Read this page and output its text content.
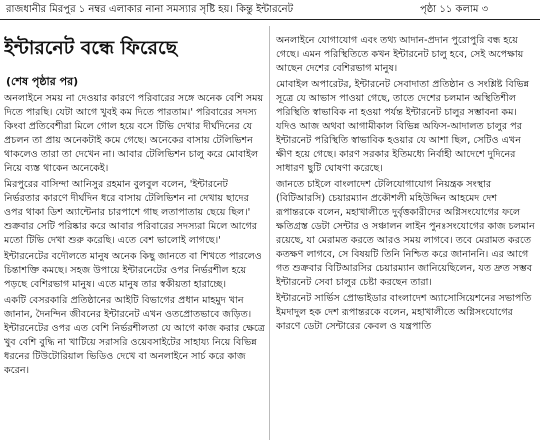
রাজধানীর মিরপুর ১ নম্বর এলাকার নানা সমস্যার সৃষ্টি হয়। কিন্তু ইন্টারনেট	পৃষ্ঠা ১১ কলাম ৩
ইন্টারনেট বন্ধে ফিরেছে
(শেষ পৃষ্ঠার পর)

অনলাইনে সময় না দেওয়ার কারণে পরিবারের সঙ্গে অনেক বেশি সময় দিতে পারছি। যেটা আগে খুবই কম দিতে পারতাম।' পরিবারের সদস্য কিংবা প্রতিবেশীরা মিলে গোল হয়ে বসে টিভি দেখার দীর্ঘদিনের যে প্রচলন তা প্রায় অনেকটাই কমে গেছে। অনেকের বাসায় টেলিভিশন থাকলেও তারা তা দেখেন না। আবার টেলিভিশন চালু করে মোবাইল নিয়ে ব্যস্ত থাকেন অনেকেই।

মিরপুরের বাসিন্দা আনিসুর রহমান বুলবুল বলেন, 'ইন্টারনেট নির্ভরতার কারণে দীর্ঘদিন ধরে বাসায় টেলিভিশন না দেখায় ছাদের ওপর থাকা ডিশ অ্যান্টেনার চারপাশে গাছ লতাপাতায় ছেয়ে ছিল।' শুক্রবার সেটি পরিষ্কার করে আবার পরিবারের সদস্যরা মিলে আগের মতো টিভি দেখা শুরু করেছি। এতে বেশ ভালোই লাগছে।'

ইন্টারনেটের বদৌলতে মানুষ অনেক কিছু জানতে বা শিখতে পারলেও চিন্তাশক্তি কমছে। সহজ উপায়ে ইন্টারনেটের ওপর নির্ভরশীল হয়ে পড়ছে বেশিরভাগ মানুষ। এতে মানুষ তার স্বকীয়তা হারাচ্ছে।

একটি বেসরকারি প্রতিষ্ঠানের আইটি বিভাগের প্রধান মাহমুদ খান জানান, দৈনন্দিন জীবনের ইন্টারনেট এখন ওতপ্রোতভাবে জড়িত। ইন্টারনেটের ওপর এত বেশি নির্ভরশীলতা যে আগে কাজ করার ক্ষেত্রে খুব বেশি বুদ্ধি না খাটিয়ে সরাসরি ওয়েবসাইটের সাহায্য নিয়ে বিভিন্ন ধরনের টিউটোরিয়াল ভিডিও দেখে বা অনলাইনে সার্চ করে কাজ করেন।

অনলাইনে যোগাযোগ এবং তথ্য আদান-প্রদান পুরোপুরি বন্ধ হয়ে গেছে। এমন পরিস্থিতিতে কখন ইন্টারনেট চালু হবে, সেই অপেক্ষায় আছেন দেশের বেশিরভাগ মানুষ।

মোবাইল অপারেটর, ইন্টারনেট সেবাদাতা প্রতিষ্ঠান ও সংশ্লিষ্ট বিভিন্ন সূত্রে যে আভাস পাওয়া গেছে, তাতে দেশের চলমান অস্থিতিশীল পরিস্থিতি স্বাভাবিক না হওয়া পর্যন্ত ইন্টারনেট চালুর সম্ভাবনা কম। যদিও আজ অথবা আগামীকাল বিভিন্ন অফিস-আদালত চালুর পর ইন্টারনেট পরিস্থিতি স্বাভাবিক হওয়ার যে আশা ছিল, সেটিও এখন ক্ষীণ হয়ে গেছে। কারণ সরকার ইতিমধ্যে নির্বাহী আদেশে দুদিনের সাধারণ ছুটি ঘোষণা করেছে।

জানতে চাইলে বাংলাদেশ টেলিযোগাযোগ নিয়ন্ত্রক সংস্থার (বিটিআরসি) চেয়ারম্যান প্রকৌশলী মহিউদ্দিন আহমেদ দেশ রূপান্তরকে বলেন, মহাখালীতে দুর্বৃত্তকারীদের অগ্নিসংযোগের ফলে ক্ষতিগ্রস্ত ডেটা সেন্টার ও সঞ্চালন লাইন পুনঃসংযোগের কাজ চলমান রয়েছে, যা মেরামত করতে আরও সময় লাগবে। তবে মেরামত করতে কতক্ষণ লাগবে, সে বিষয়টি তিনি নিশ্চিত করে জানাননি। এর আগে গত শুক্রবার বিটিআরসির চেয়ারম্যান জানিয়েছিলেন, যত দ্রুত সম্ভব ইন্টারনেট সেবা চালুর চেষ্টা করছেন তারা।

ইন্টারনেট সার্ভিস প্রোভাইডার বাংলাদেশ অ্যাসোসিয়েশনের সভাপতি ইমদাদুল হক দেশ রূপান্তরকে বলেন, মহাখালীতে অগ্নিসংযোগের কারণে ডেটা সেন্টারের কেবল ও যন্ত্রপাতি
